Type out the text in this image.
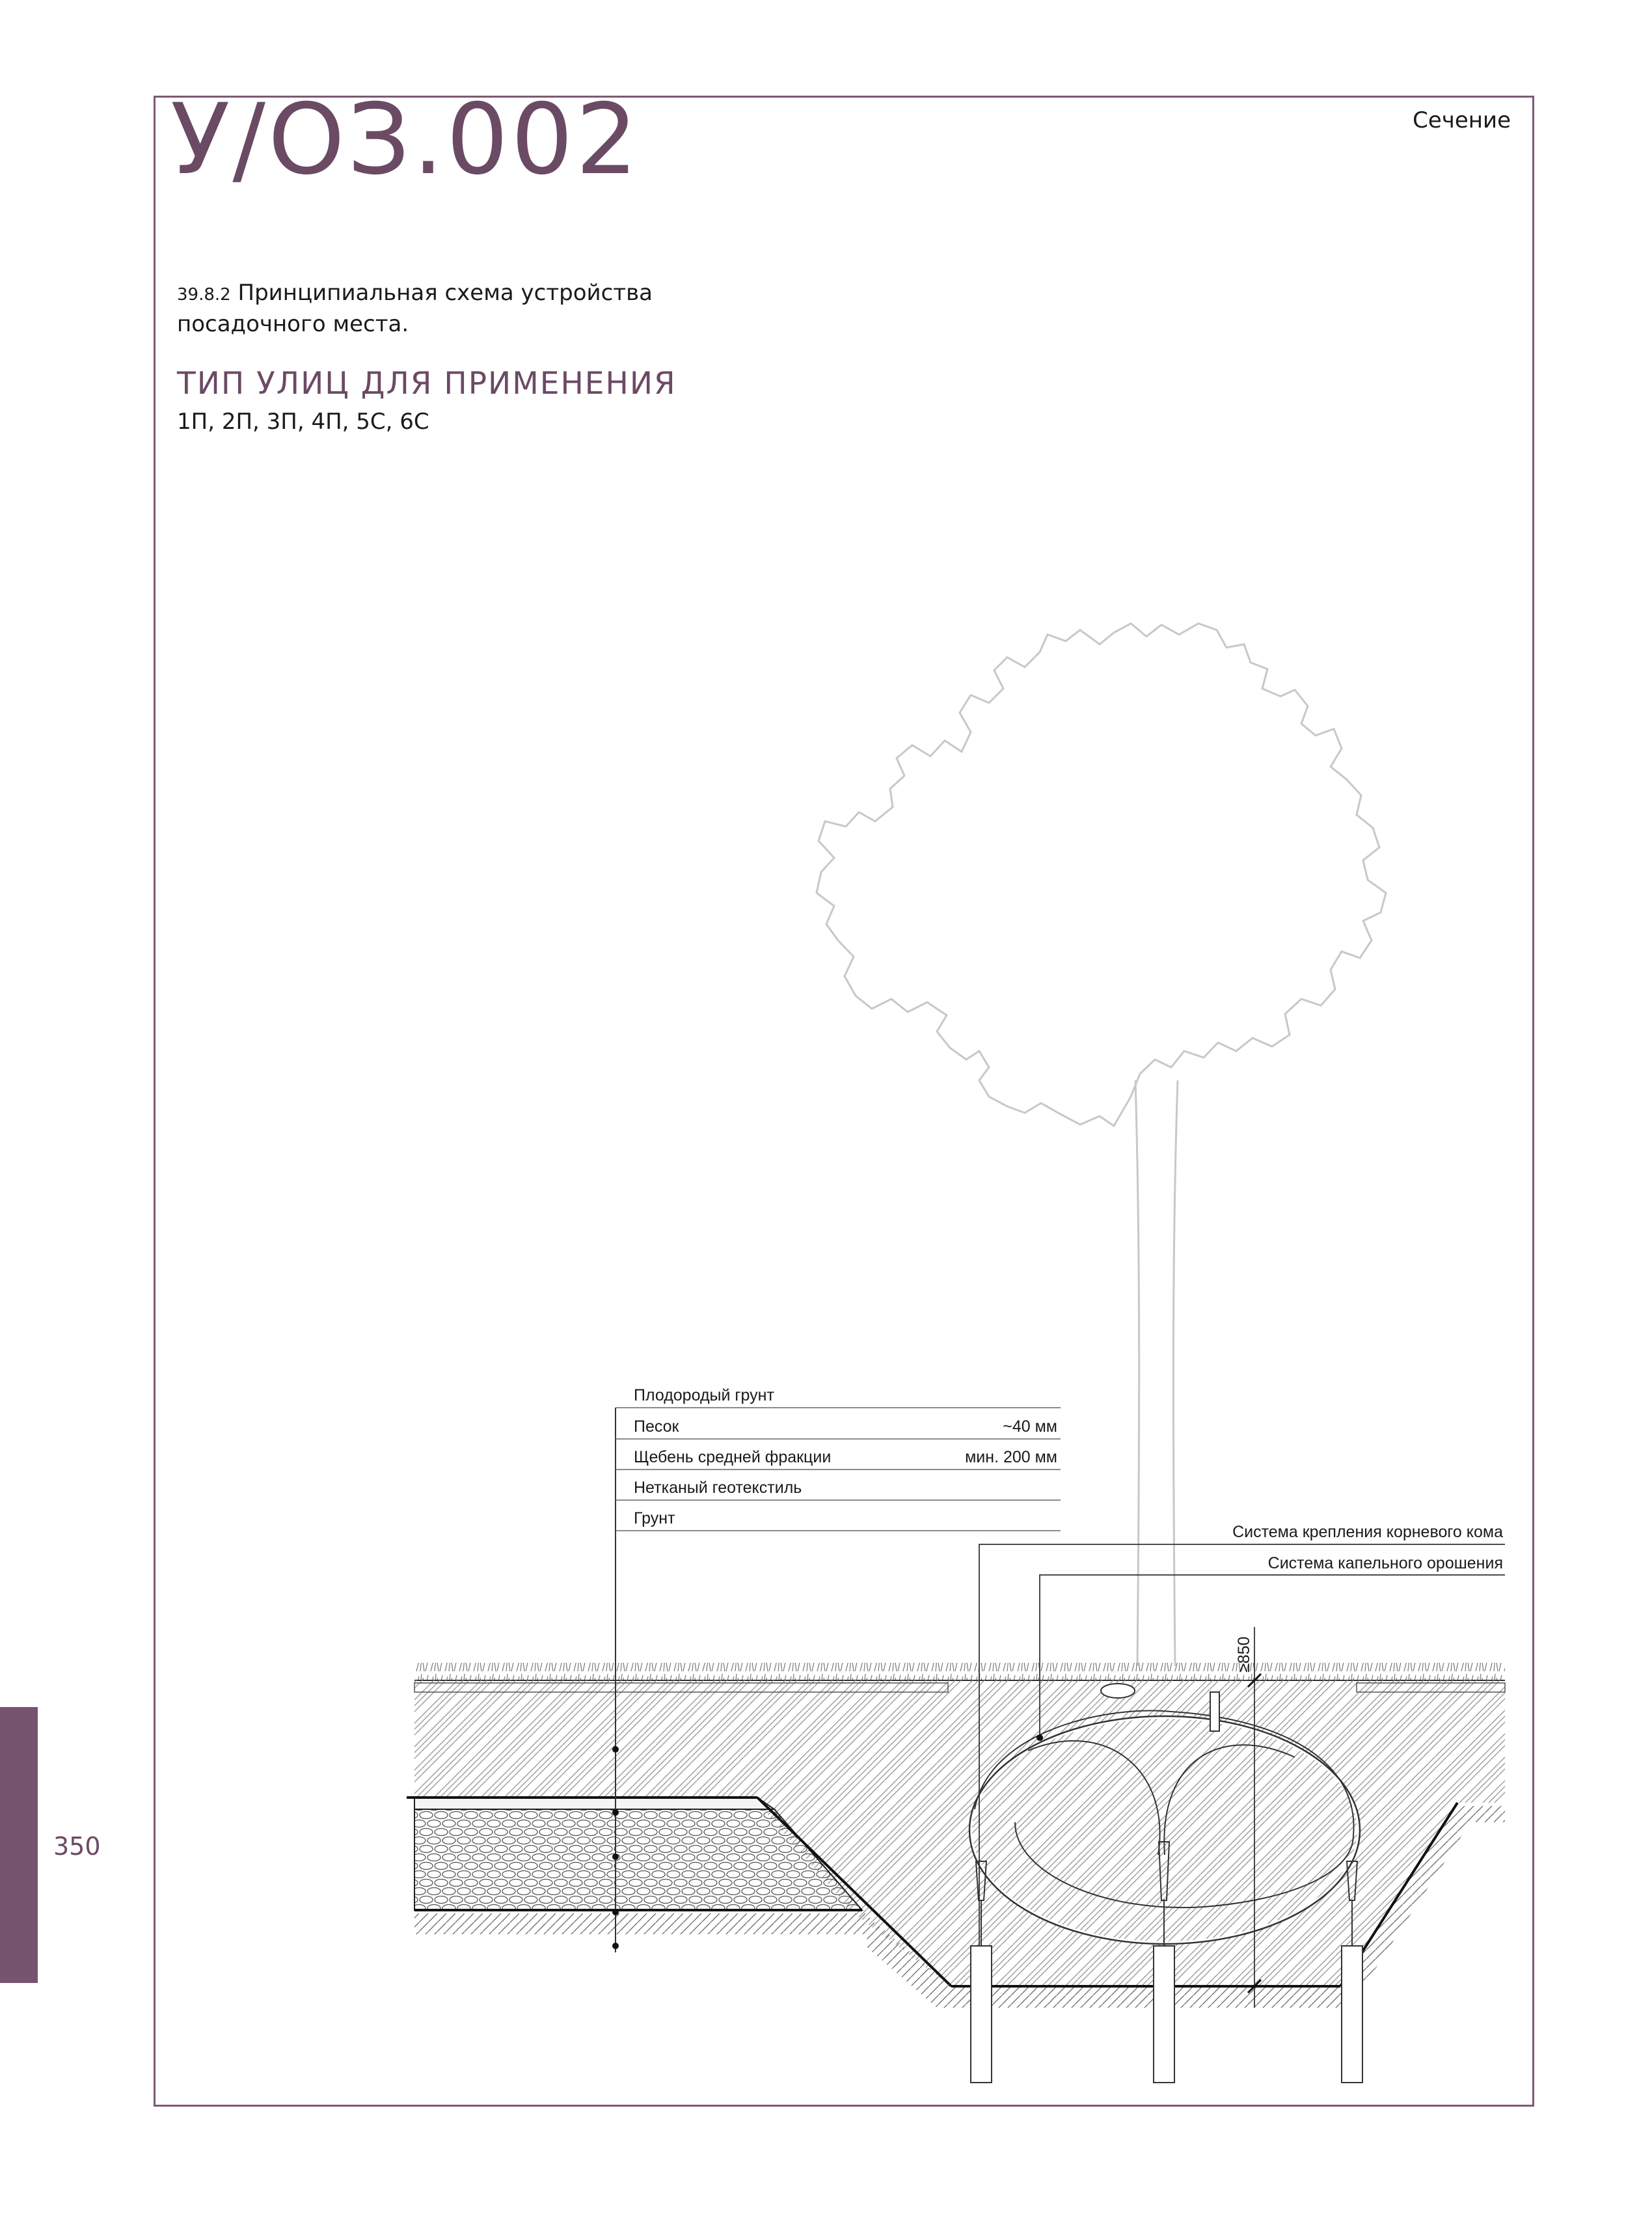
У/ОЗ.002	Сечение
39.8.2 Принципиальная схема устройства
посадочного места.
ТИП УЛИЦ ДЛЯ ПРИМЕНЕНИЯ
1П, 2П, 3П, 4П, 5С, 6С
350
Плодородый грунт
Песок	~40 мм
Щебень средней фракции	мин. 200 мм
Нетканый геотекстиль
Грунт
Система крепления корневого кома
Система капельного орошения
≥850
